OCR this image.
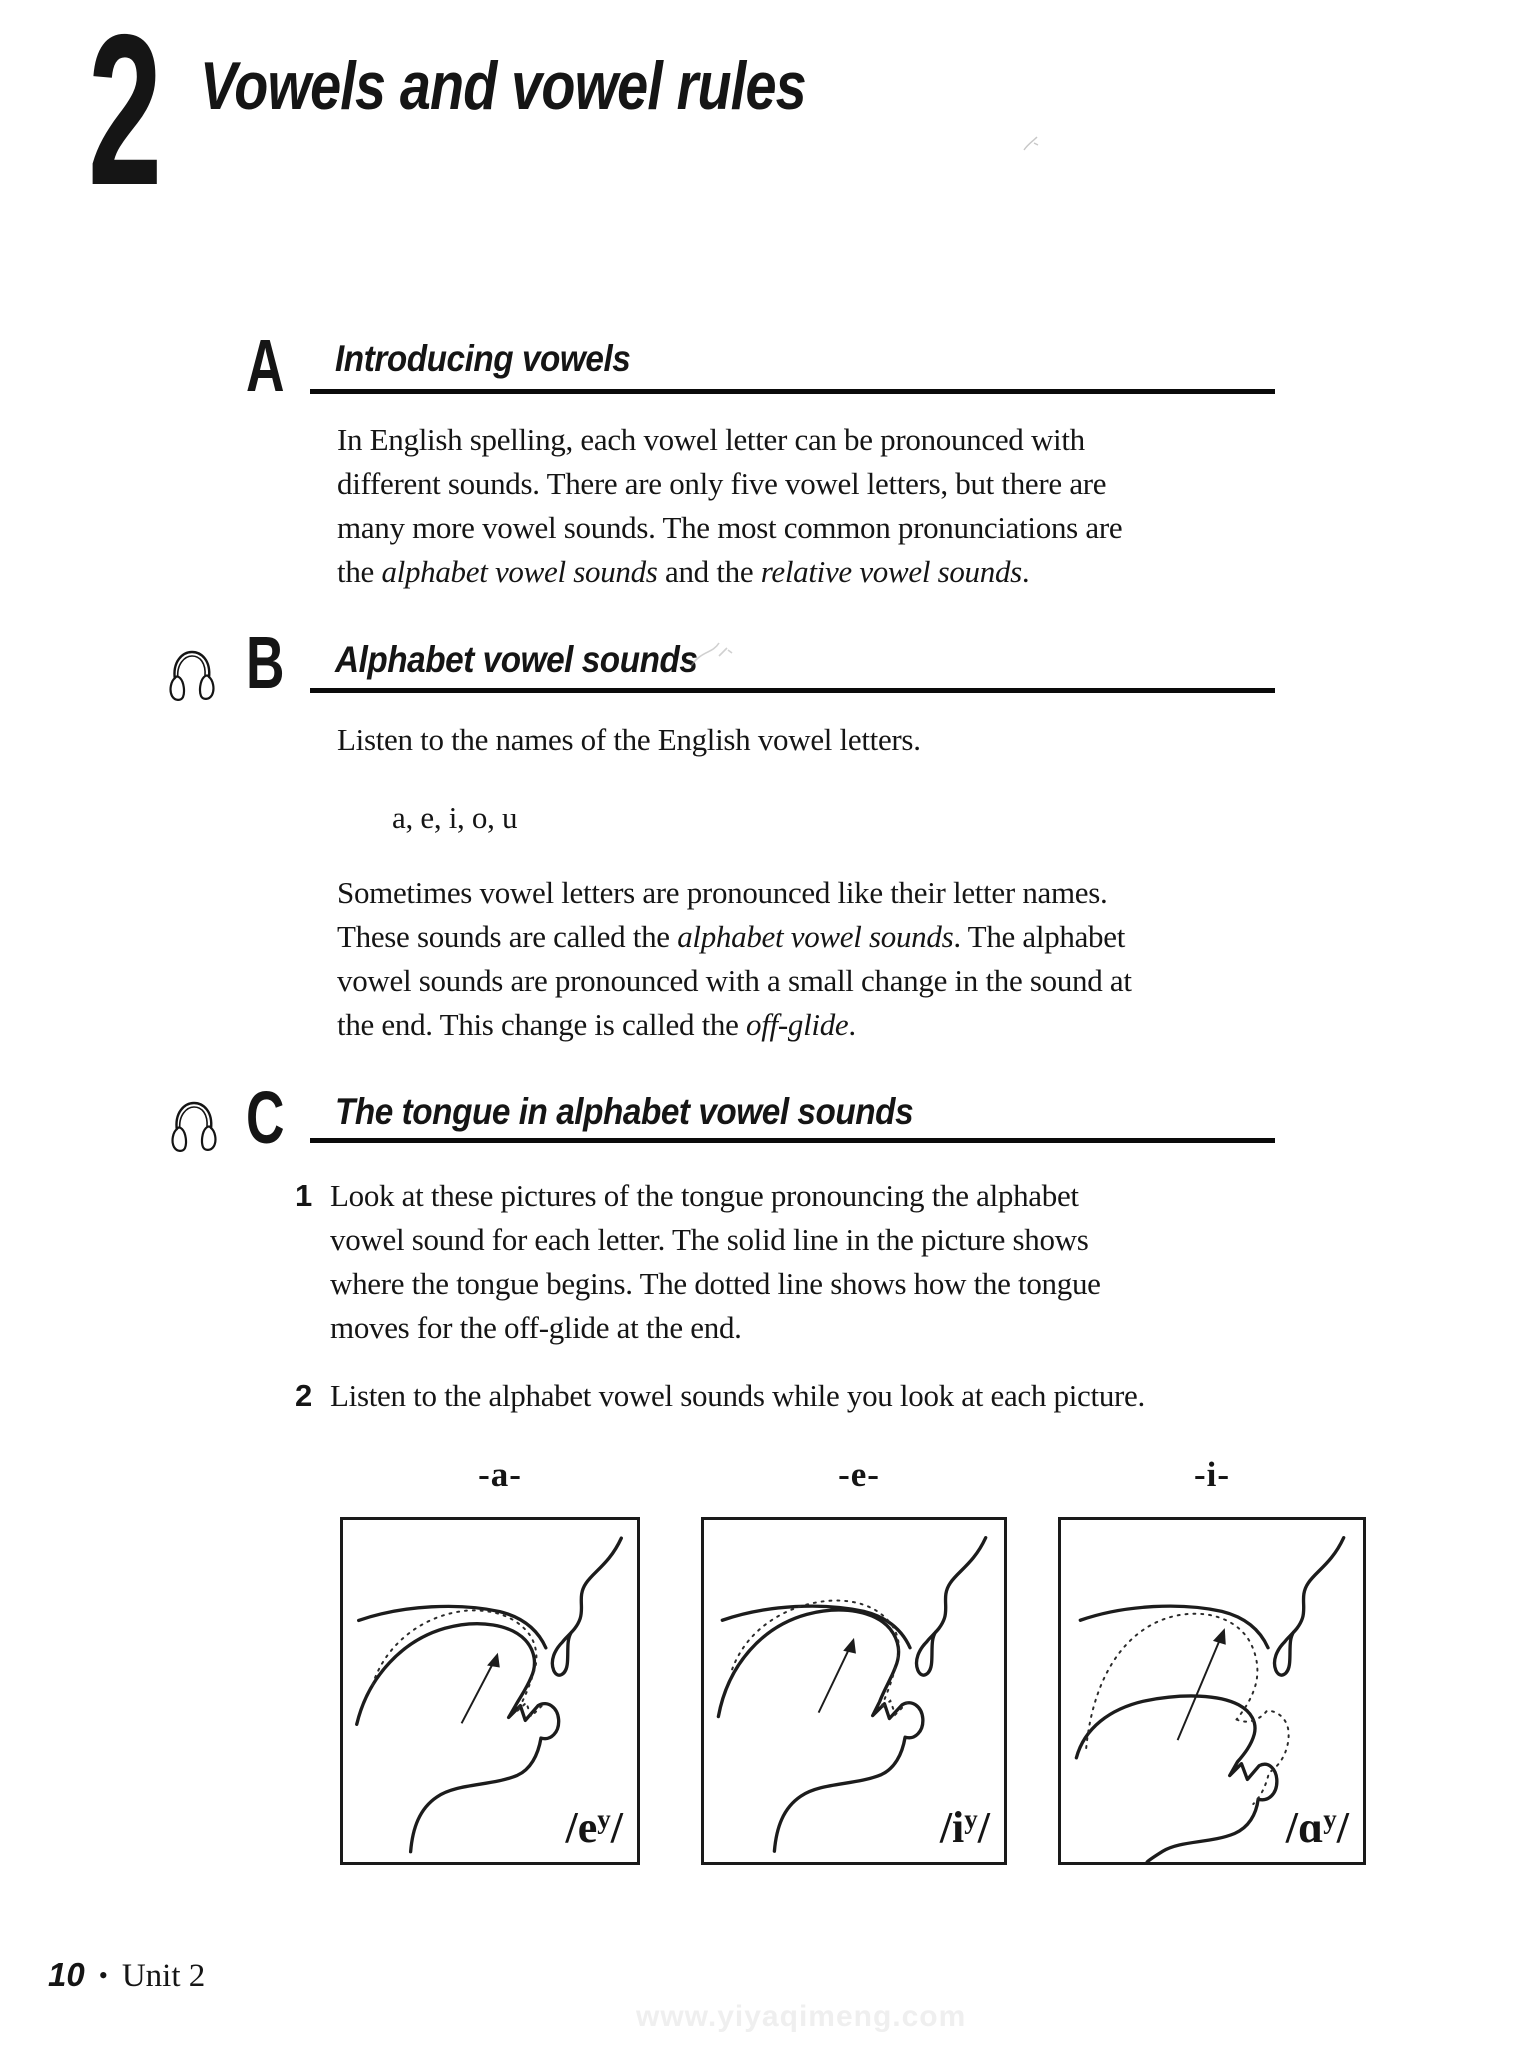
2 Vowels and vowel rules
A Introducing vowels
In English spelling, each vowel letter can be pronounced with
different sounds. There are only five vowel letters, but there are
many more vowel sounds. The most common pronunciations are
the alphabet vowel sounds and the relative vowel sounds.
B Alphabet vowel sounds
Listen to the names of the English vowel letters.
a, e, i, o, u
Sometimes vowel letters are pronounced like their letter names.
These sounds are called the alphabet vowel sounds. The alphabet
vowel sounds are pronounced with a small change in the sound at
the end. This change is called the off-glide.
C The tongue in alphabet vowel sounds
1 Look at these pictures of the tongue pronouncing the alphabet
vowel sound for each letter. The solid line in the picture shows
where the tongue begins. The dotted line shows how the tongue
moves for the off-glide at the end.
2 Listen to the alphabet vowel sounds while you look at each picture.
-a-	-e-	-i-
$/e^y/$	$/i^y/$	/ɑ$^y$/
10 • Unit 2
www.yiyaqimeng.com
